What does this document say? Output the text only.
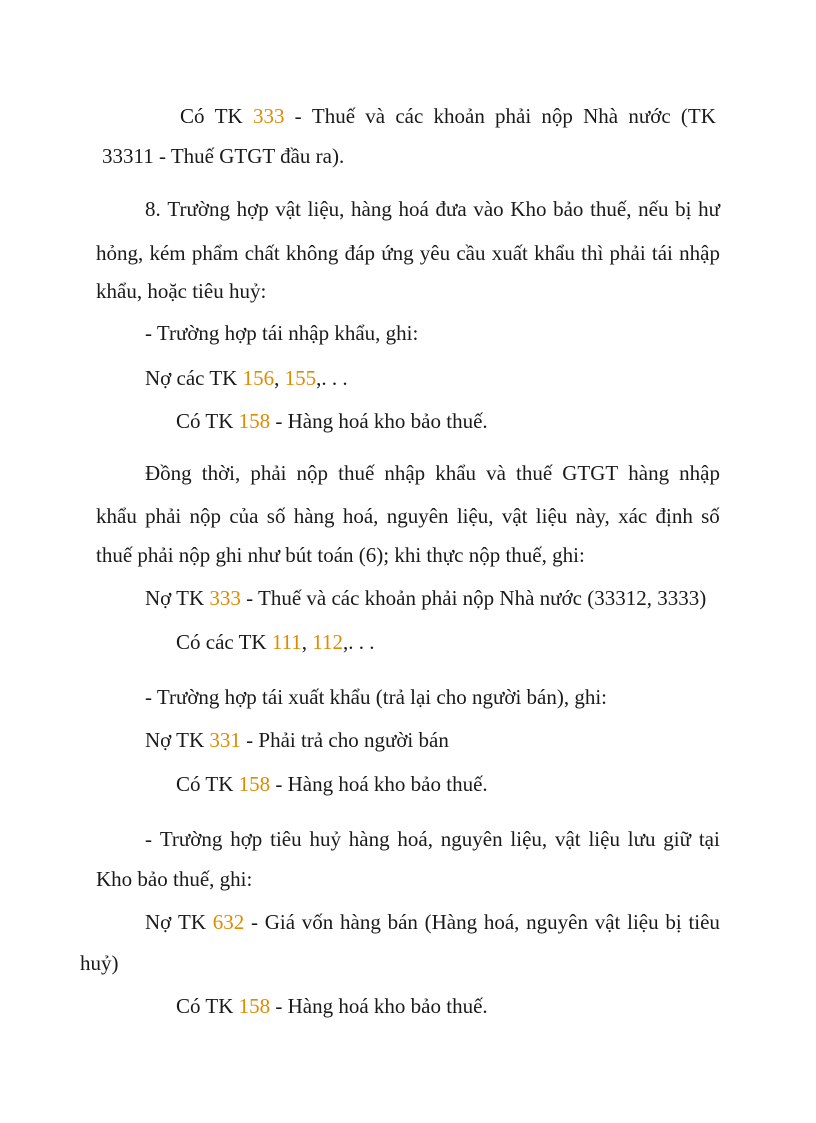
Có TK 333 - Thuế và các khoản phải nộp Nhà nước (TK
33311 - Thuế GTGT đầu ra).
8. Trường hợp vật liệu, hàng hoá đưa vào Kho bảo thuế, nếu bị hư
hỏng, kém phẩm chất không đáp ứng yêu cầu xuất khẩu thì phải tái nhập
khẩu, hoặc tiêu huỷ:
- Trường hợp tái nhập khẩu, ghi:
Nợ các TK 156, 155,. . .
Có TK 158 - Hàng hoá kho bảo thuế.
Đồng thời, phải nộp thuế nhập khẩu và thuế GTGT hàng nhập
khẩu phải nộp của số hàng hoá, nguyên liệu, vật liệu này, xác định số
thuế phải nộp ghi như bút toán (6); khi thực nộp thuế, ghi:
Nợ TK 333 - Thuế và các khoản phải nộp Nhà nước (33312, 3333)
Có các TK 111, 112,. . .
- Trường hợp tái xuất khẩu (trả lại cho người bán), ghi:
Nợ TK 331 - Phải trả cho người bán
Có TK 158 - Hàng hoá kho bảo thuế.
- Trường hợp tiêu huỷ hàng hoá, nguyên liệu, vật liệu lưu giữ tại
Kho bảo thuế, ghi:
Nợ TK 632 - Giá vốn hàng bán (Hàng hoá, nguyên vật liệu bị tiêu
huỷ)
Có TK 158 - Hàng hoá kho bảo thuế.
